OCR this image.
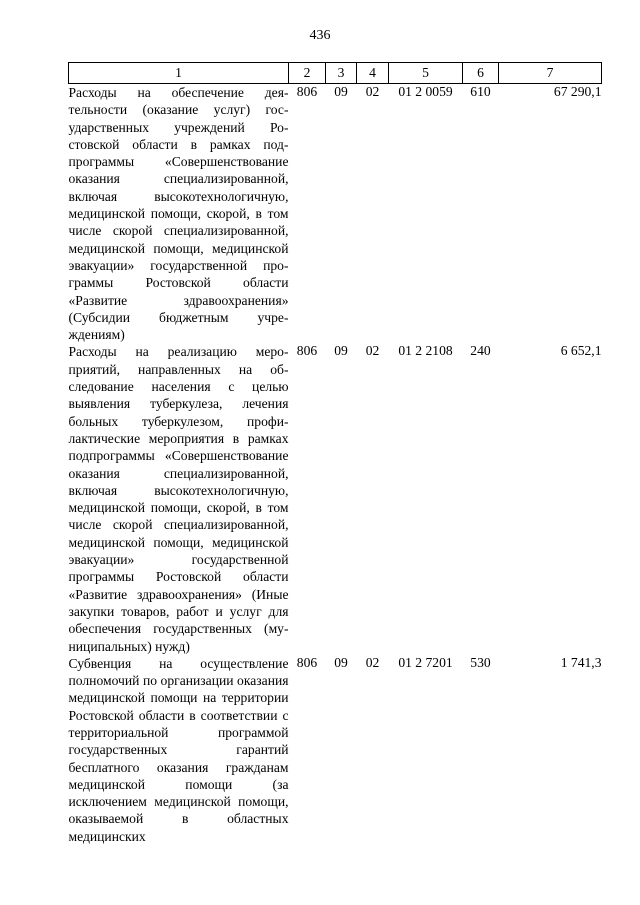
436
1	2	3	4	5	6	7
Расходы на обеспечение деятельности (оказание услуг) государственных учреждений Ростовской области в рамках подпрограммы «Совершенствование оказания специализированной, включая высокотехнологичную, медицинской помощи, скорой, в том числе скорой специализированной, медицинской помощи, медицинской эвакуации» государственной программы Ростовской области «Развитие здравоохранения» (Субсидии бюджетным учреждениям)	806	09	02	01 2 0059	610	67 290,1
Расходы на реализацию мероприятий, направленных на обследование населения с целью выявления туберкулеза, лечения больных туберкулезом, профилактические мероприятия в рамках подпрограммы «Совершенствование оказания специализированной, включая высокотехнологичную, медицинской помощи, скорой, в том числе скорой специализированной, медицинской помощи, медицинской эвакуации» государственной программы Ростовской области «Развитие здравоохранения» (Иные закупки товаров, работ и услуг для обеспечения государственных (муниципальных) нужд)	806	09	02	01 2 2108	240	6 652,1
Субвенция на осуществление полномочий по организации оказания медицинской помощи на территории Ростовской области в соответствии с территориальной программой государственных гарантий бесплатного оказания гражданам медицинской помощи (за исключением медицинской помощи, оказываемой в областных медицинских	806	09	02	01 2 7201	530	1 741,3
